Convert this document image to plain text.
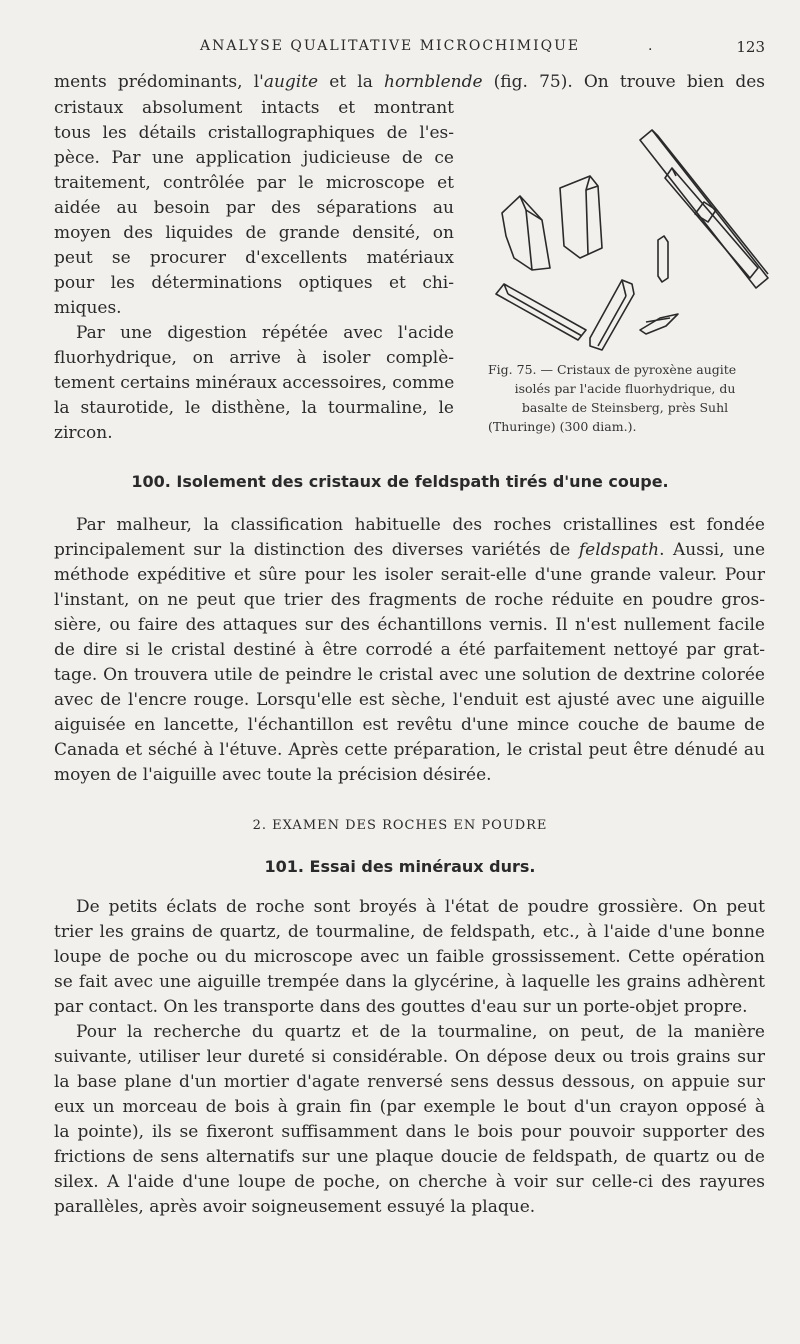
ANALYSE QUALITATIVE MICROCHIMIQUE	.	123
ments prédominants, l'augite et la hornblende (fig. 75). On trouve bien des
cristaux absolument intacts et montrant
tous les détails cristallographiques de l'es-
pèce. Par une application judicieuse de ce
traitement, contrôlée par le microscope et
aidée au besoin par des séparations au
moyen des liquides de grande densité, on
peut se procurer d'excellents matériaux
pour les déterminations optiques et chi-
miques.
Par une digestion répétée avec l'acide
fluorhydrique, on arrive à isoler complè-
tement certains minéraux accessoires, comme
la staurotide, le disthène, la tourmaline, le
zircon.
Fig. 75. — Cristaux de pyroxène augite
isolés par l'acide fluorhydrique, du
basalte de Steinsberg, près Suhl
(Thuringe) (300 diam.).
100. Isolement des cristaux de feldspath tirés d'une coupe.
Par malheur, la classification habituelle des roches cristallines est fondée
principalement sur la distinction des diverses variétés de feldspath. Aussi, une
méthode expéditive et sûre pour les isoler serait-elle d'une grande valeur. Pour
l'instant, on ne peut que trier des fragments de roche réduite en poudre gros-
sière, ou faire des attaques sur des échantillons vernis. Il n'est nullement facile
de dire si le cristal destiné à être corrodé a été parfaitement nettoyé par grat-
tage. On trouvera utile de peindre le cristal avec une solution de dextrine colorée
avec de l'encre rouge. Lorsqu'elle est sèche, l'enduit est ajusté avec une aiguille
aiguisée en lancette, l'échantillon est revêtu d'une mince couche de baume de
Canada et séché à l'étuve. Après cette préparation, le cristal peut être dénudé au
moyen de l'aiguille avec toute la précision désirée.
2. EXAMEN DES ROCHES EN POUDRE
101. Essai des minéraux durs.
De petits éclats de roche sont broyés à l'état de poudre grossière. On peut
trier les grains de quartz, de tourmaline, de feldspath, etc., à l'aide d'une bonne
loupe de poche ou du microscope avec un faible grossissement. Cette opération
se fait avec une aiguille trempée dans la glycérine, à laquelle les grains adhèrent
par contact. On les transporte dans des gouttes d'eau sur un porte-objet propre.
Pour la recherche du quartz et de la tourmaline, on peut, de la manière
suivante, utiliser leur dureté si considérable. On dépose deux ou trois grains sur
la base plane d'un mortier d'agate renversé sens dessus dessous, on appuie sur
eux un morceau de bois à grain fin (par exemple le bout d'un crayon opposé à
la pointe), ils se fixeront suffisamment dans le bois pour pouvoir supporter des
frictions de sens alternatifs sur une plaque doucie de feldspath, de quartz ou de
silex. A l'aide d'une loupe de poche, on cherche à voir sur celle-ci des rayures
parallèles, après avoir soigneusement essuyé la plaque.
